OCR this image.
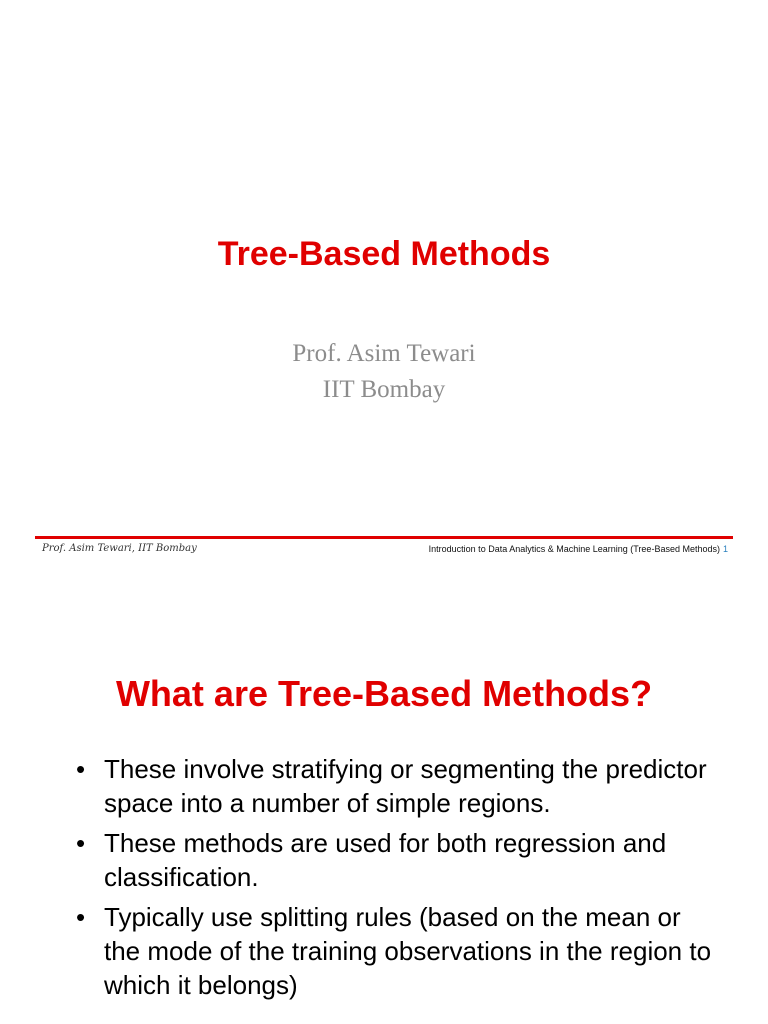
Tree-Based Methods
Prof. Asim Tewari
IIT Bombay
Prof. Asim Tewari, IIT Bombay	Introduction to Data Analytics & Machine Learning (Tree-Based Methods) 1
What are Tree-Based Methods?
• These involve stratifying or segmenting the predictor space into a number of simple regions.
• These methods are used for both regression and classification.
• Typically use splitting rules (based on the mean or the mode of the training observations in the region to which it belongs)
